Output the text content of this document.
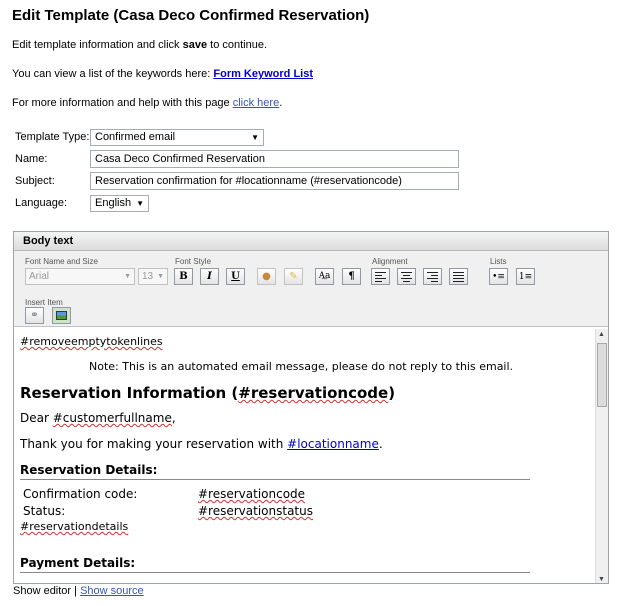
Edit Template (Casa Deco Confirmed Reservation)

Edit template information and click save to continue.

You can view a list of the keywords here: Form Keyword List

For more information and help with this page click here.

Template Type: Confirmed email	▼
Name:	Casa Deco Confirmed Reservation
Subject:	Reservation confirmation for #locationname (#reservationcode)
Language:	English ▼
Body text
Font Name and Size
Arial	▼	13 ▼
Font Style
B	I	U	●	✎	A͟a	¶
Alignment	Lists
•≡	1≡
Insert Item
⚭
#removeemptytokenlines
Note: This is an automated email message, please do not reply to this email.
Reservation Information (#reservationcode)
Dear #customerfullname,
Thank you for making your reservation with #locationname.
Reservation Details:
Confirmation code:	#reservationcode
Status:	#reservationstatus
#reservationdetails
Payment Details:
▲
▼
Show editor | Show source
